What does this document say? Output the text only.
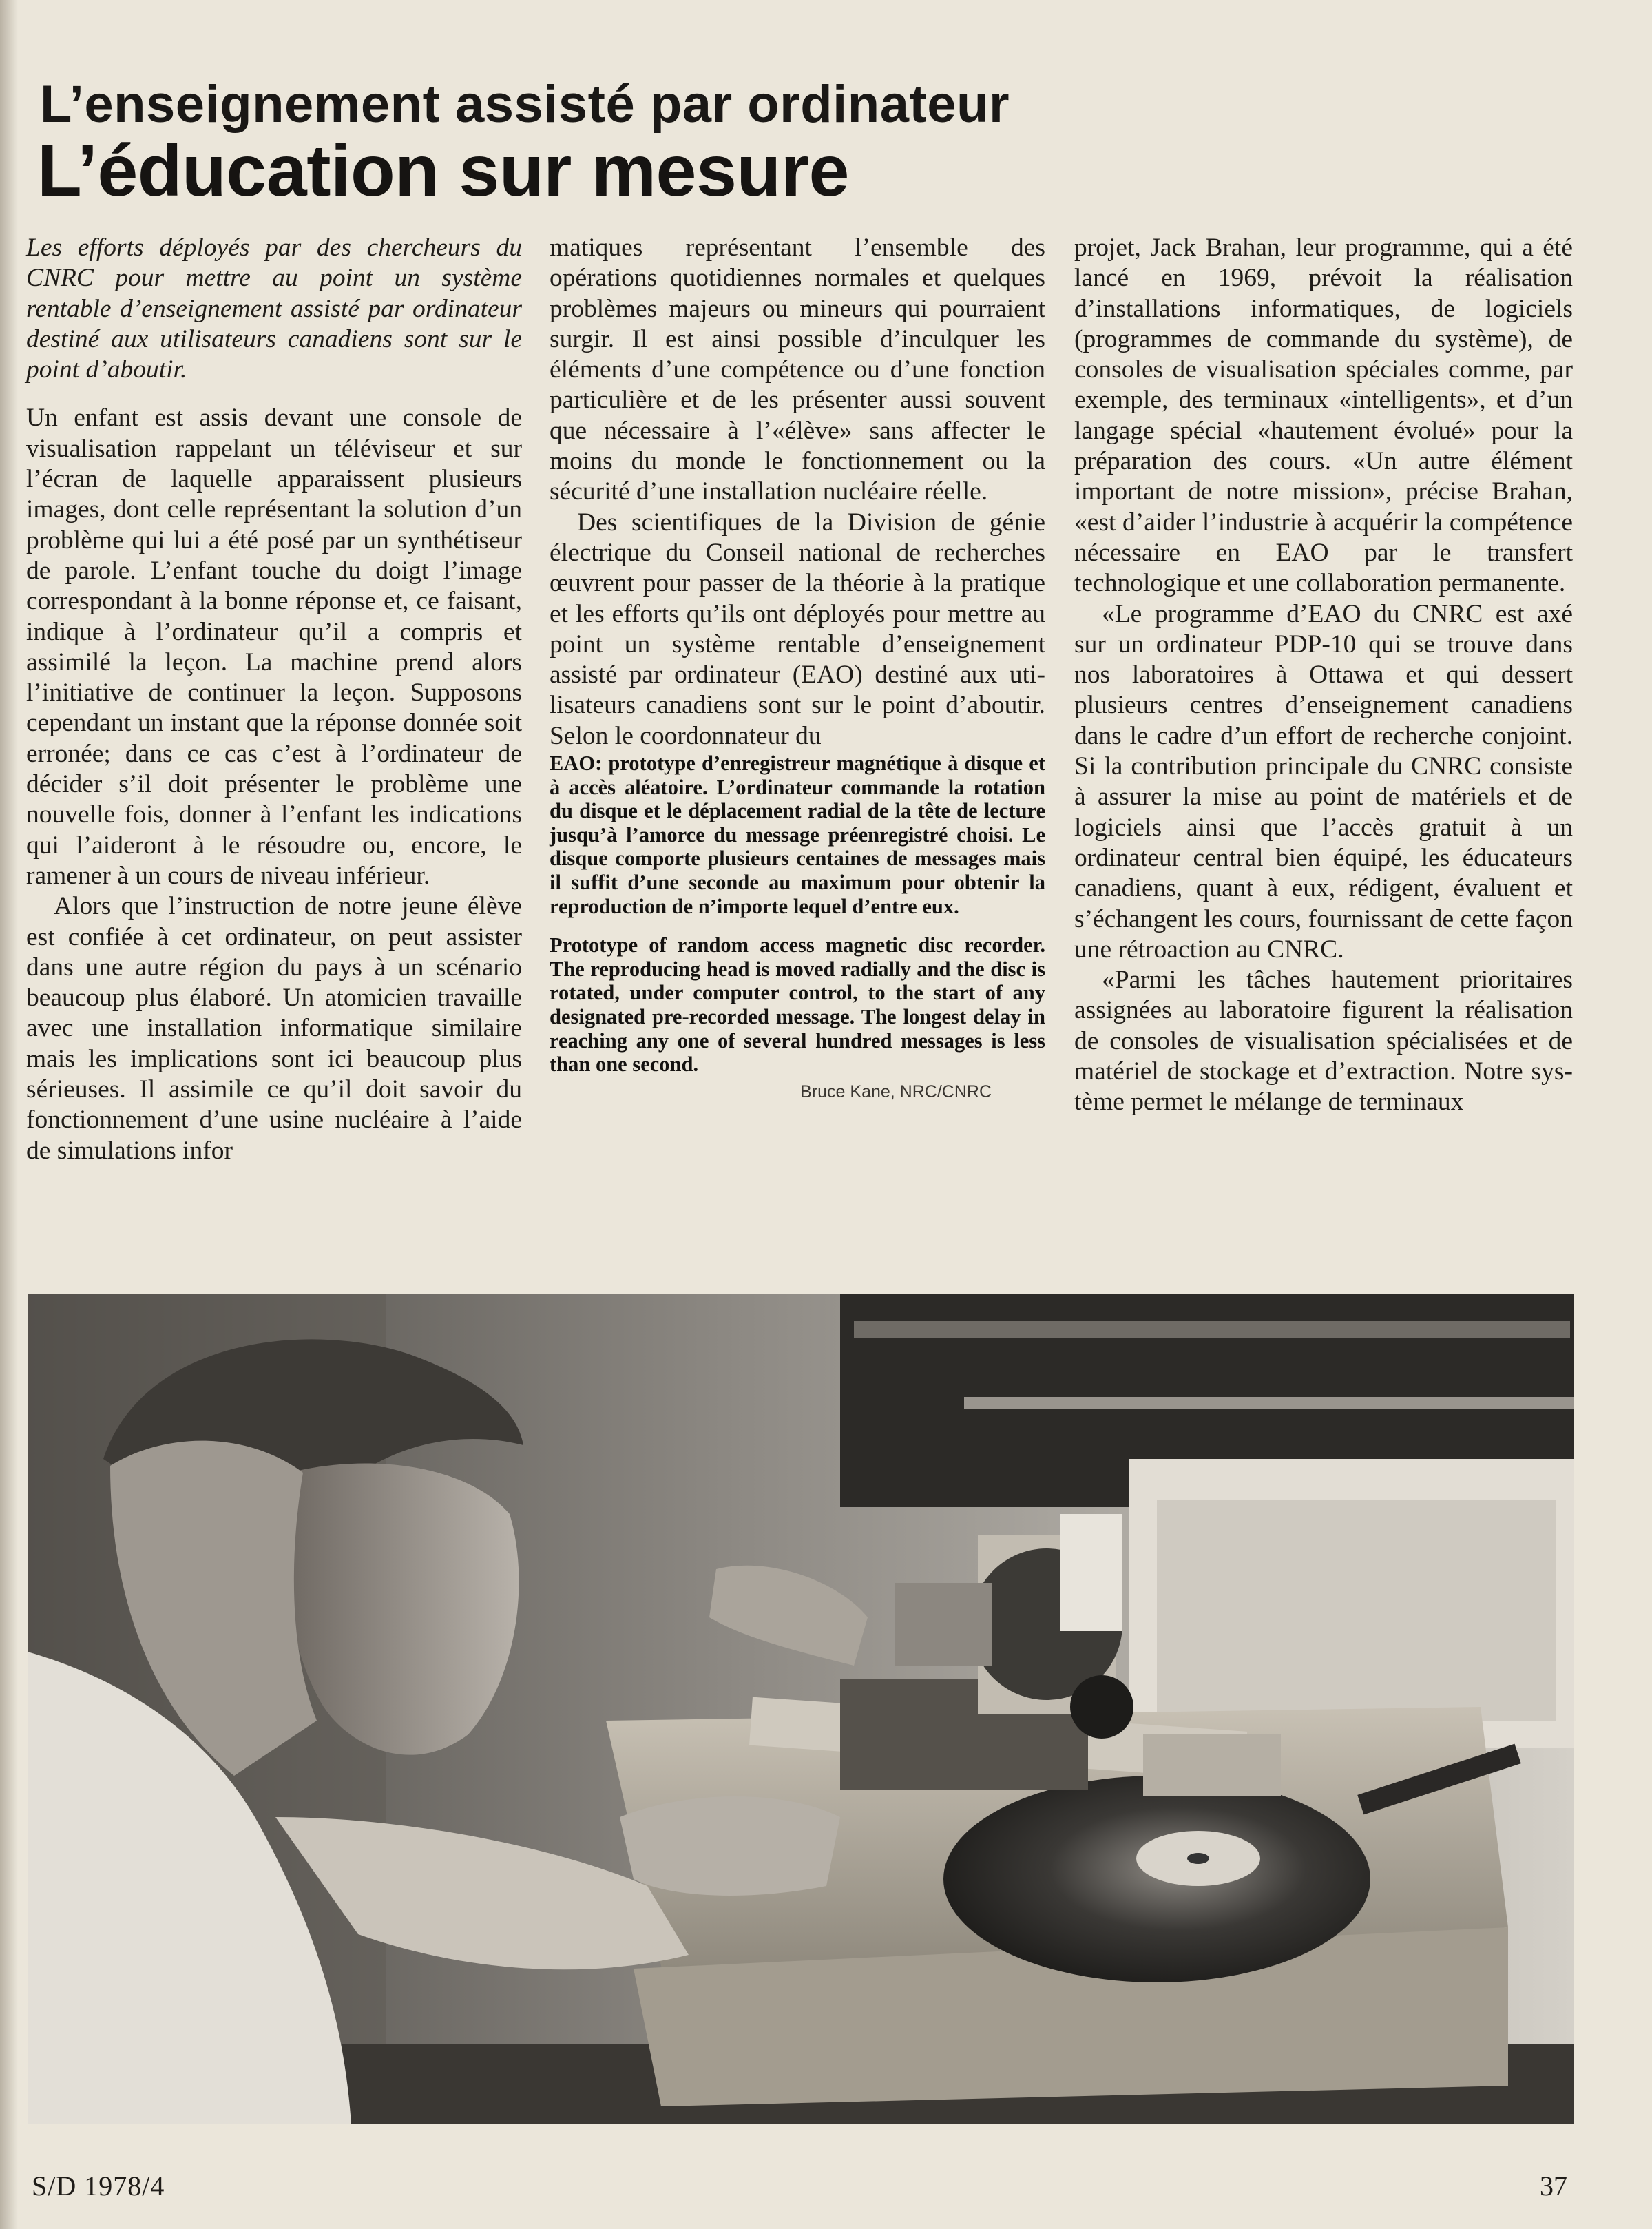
L’enseignement assisté par ordinateur
L’éducation sur mesure

Les efforts déployés par des chercheurs du CNRC pour mettre au point un système rentable d’enseignement assisté par ordinateur destiné aux utilisateurs canadiens sont sur le point d’aboutir.

Un enfant est assis devant une console de visualisation rappelant un téléviseur et sur l’écran de laquelle apparaissent plusieurs images, dont celle représentant la solution d’un problème qui lui a été posé par un synthétiseur de parole. L’enfant touche du doigt l’image correspondant à la bonne réponse et, ce faisant, indique à l’ordinateur qu’il a compris et assimilé la leçon. La machine prend alors l’initiative de continuer la leçon. Supposons cependant un instant que la réponse donnée soit erronée; dans ce cas c’est à l’ordinateur de décider s’il doit présenter le problème une nouvelle fois, donner à l’enfant les indications qui l’aideront à le résoudre ou, encore, le ramener à un cours de niveau inférieur.

Alors que l’instruction de notre jeune élève est confiée à cet ordinateur, on peut assister dans une autre région du pays à un scénario beaucoup plus élaboré. Un atomicien travaille avec une installation informatique similaire mais les implications sont ici beaucoup plus sérieuses. Il assimile ce qu’il doit savoir du fonctionnement d’une usine nucléaire à l’aide de simulations infor

matiques représentant l’ensemble des opérations quotidiennes normales et quelques problèmes majeurs ou mineurs qui pourraient surgir. Il est ainsi possible d’inculquer les éléments d’une compétence ou d’une fonction particulière et de les présenter aussi souvent que nécessaire à l’«élève» sans affecter le moins du monde le fonctionnement ou la sécurité d’une installation nucléaire réelle.

Des scientifiques de la Division de génie électrique du Conseil national de recherches œuvrent pour passer de la théorie à la pratique et les efforts qu’ils ont déployés pour mettre au point un système rentable d’enseignement assisté par ordinateur (EAO) destiné aux utilisateurs canadiens sont sur le point d’aboutir. Selon le coordonnateur du

EAO: prototype d’enregistreur magnétique à disque et à accès aléatoire. L’ordinateur commande la rotation du disque et le déplacement radial de la tête de lecture jusqu’à l’amorce du message préenregistré choisi. Le disque comporte plusieurs centaines de messages mais il suffit d’une seconde au maximum pour obtenir la reproduction de n’importe lequel d’entre eux.

Prototype of random access magnetic disc recorder. The reproducing head is moved radially and the disc is rotated, under computer control, to the start of any designated pre-recorded message. The longest delay in reaching any one of several hundred messages is less than one second.

Bruce Kane, NRC/CNRC

projet, Jack Brahan, leur programme, qui a été lancé en 1969, prévoit la réalisation d’installations informatiques, de logiciels (programmes de commande du système), de consoles de visualisation spéciales comme, par exemple, des terminaux «intelligents», et d’un langage spécial «hautement évolué» pour la préparation des cours. «Un autre élément important de notre mission», précise Brahan, «est d’aider l’industrie à acquérir la compétence nécessaire en EAO par le transfert technologique et une collaboration permanente.

«Le programme d’EAO du CNRC est axé sur un ordinateur PDP-10 qui se trouve dans nos laboratoires à Ottawa et qui dessert plusieurs centres d’enseignement canadiens dans le cadre d’un effort de recherche conjoint. Si la contribution principale du CNRC consiste à assurer la mise au point de matériels et de logiciels ainsi que l’accès gratuit à un ordinateur central bien équipé, les éducateurs canadiens, quant à eux, rédigent, évaluent et s’échangent les cours, fournissant de cette façon une rétroaction au CNRC.

«Parmi les tâches hautement prioritaires assignées au laboratoire figurent la réalisation de consoles de visualisation spécialisées et de matériel de stockage et d’extraction. Notre système permet le mélange de terminaux

S/D 1978/4	37
